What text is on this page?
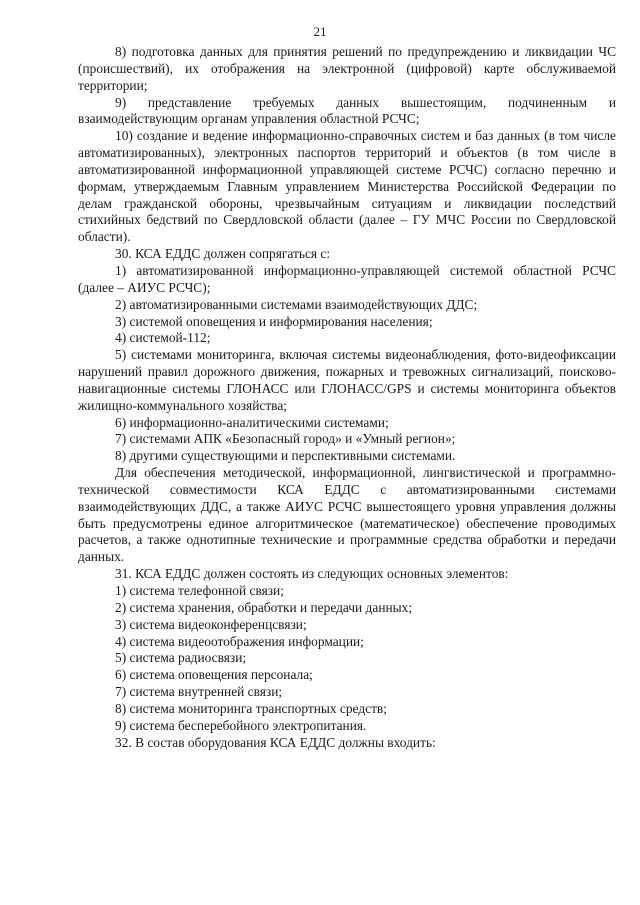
21

8) подготовка данных для принятия решений по предупреждению и ликвидации ЧС (происшествий), их отображения на электронной (цифровой) карте обслуживаемой территории;

9) представление требуемых данных вышестоящим, подчиненным и взаимодействующим органам управления областной РСЧС;

10) создание и ведение информационно-справочных систем и баз данных (в том числе автоматизированных), электронных паспортов территорий и объектов (в том числе в автоматизированной информационной управляющей системе РСЧС) согласно перечню и формам, утверждаемым Главным управлением Министерства Российской Федерации по делам гражданской обороны, чрезвычайным ситуациям и ликвидации последствий стихийных бедствий по Свердловской области (далее – ГУ МЧС России по Свердловской области).

30. КСА ЕДДС должен сопрягаться с:

1) автоматизированной информационно-управляющей системой областной РСЧС (далее – АИУС РСЧС);

2) автоматизированными системами взаимодействующих ДДС;

3) системой оповещения и информирования населения;

4) системой-112;

5) системами мониторинга, включая системы видеонаблюдения, фото-видеофиксации нарушений правил дорожного движения, пожарных и тревожных сигнализаций, поисково-навигационные системы ГЛОНАСС или ГЛОНАСС/GPS и системы мониторинга объектов жилищно-коммунального хозяйства;

6) информационно-аналитическими системами;

7) системами АПК «Безопасный город» и «Умный регион»;

8) другими существующими и перспективными системами.

Для обеспечения методической, информационной, лингвистической и программно-технической совместимости КСА ЕДДС с автоматизированными системами взаимодействующих ДДС, а также АИУС РСЧС вышестоящего уровня управления должны быть предусмотрены единое алгоритмическое (математическое) обеспечение проводимых расчетов, а также однотипные технические и программные средства обработки и передачи данных.

31. КСА ЕДДС должен состоять из следующих основных элементов:

1) система телефонной связи;

2) система хранения, обработки и передачи данных;

3) система видеоконференцсвязи;

4) система видеоотображения информации;

5) система радиосвязи;

6) система оповещения персонала;

7) система внутренней связи;

8) система мониторинга транспортных средств;

9) система бесперебойного электропитания.

32. В состав оборудования КСА ЕДДС должны входить:
